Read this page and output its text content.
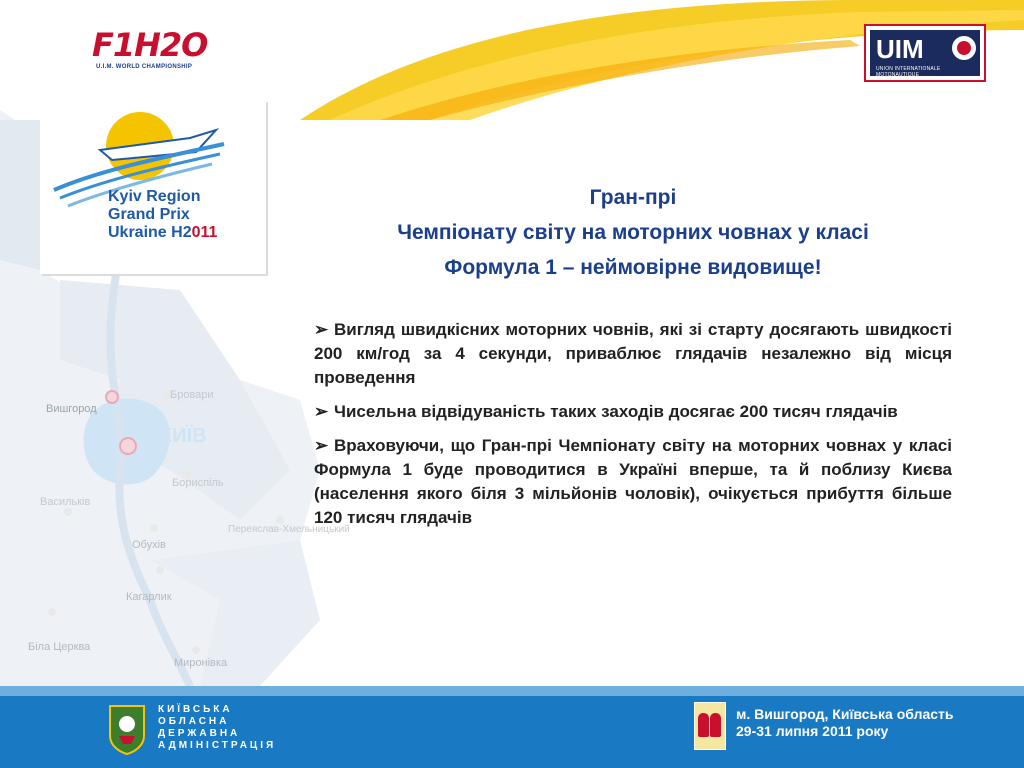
Вишгород
КИЇВ
Бровари
Бориспіль
Обухів
Васильків
Кагарлик
Біла Церква
Миронівка
Переяслав-Хмельницький
F1H2O
U.I.M. WORLD CHAMPIONSHIP
UIM
UNION INTERNATIONALE MOTONAUTIQUE
Kyiv Region
Grand Prix
Ukraine H2011
Гран-прі
Чемпіонату світу на моторних човнах у класі
Формула 1 – неймовірне видовище!
➢ Вигляд швидкісних моторних човнів, які зі старту досягають швидкості 200 км/год за 4 секунди, приваблює глядачів незалежно від місця проведення
➢ Чисельна відвідуваність таких заходів досягає 200 тисяч глядачів
➢ Враховуючи, що Гран-прі Чемпіонату світу на моторних човнах у класі Формула 1 буде проводитися в Україні вперше, та й поблизу Києва (населення якого біля 3 мільйонів чоловік), очікується прибуття більше 120 тисяч глядачів
КИЇВСЬКА
ОБЛАСНА
ДЕРЖАВНА
АДМІНІСТРАЦІЯ
м. Вишгород, Київська область
29-31 липня 2011 року
